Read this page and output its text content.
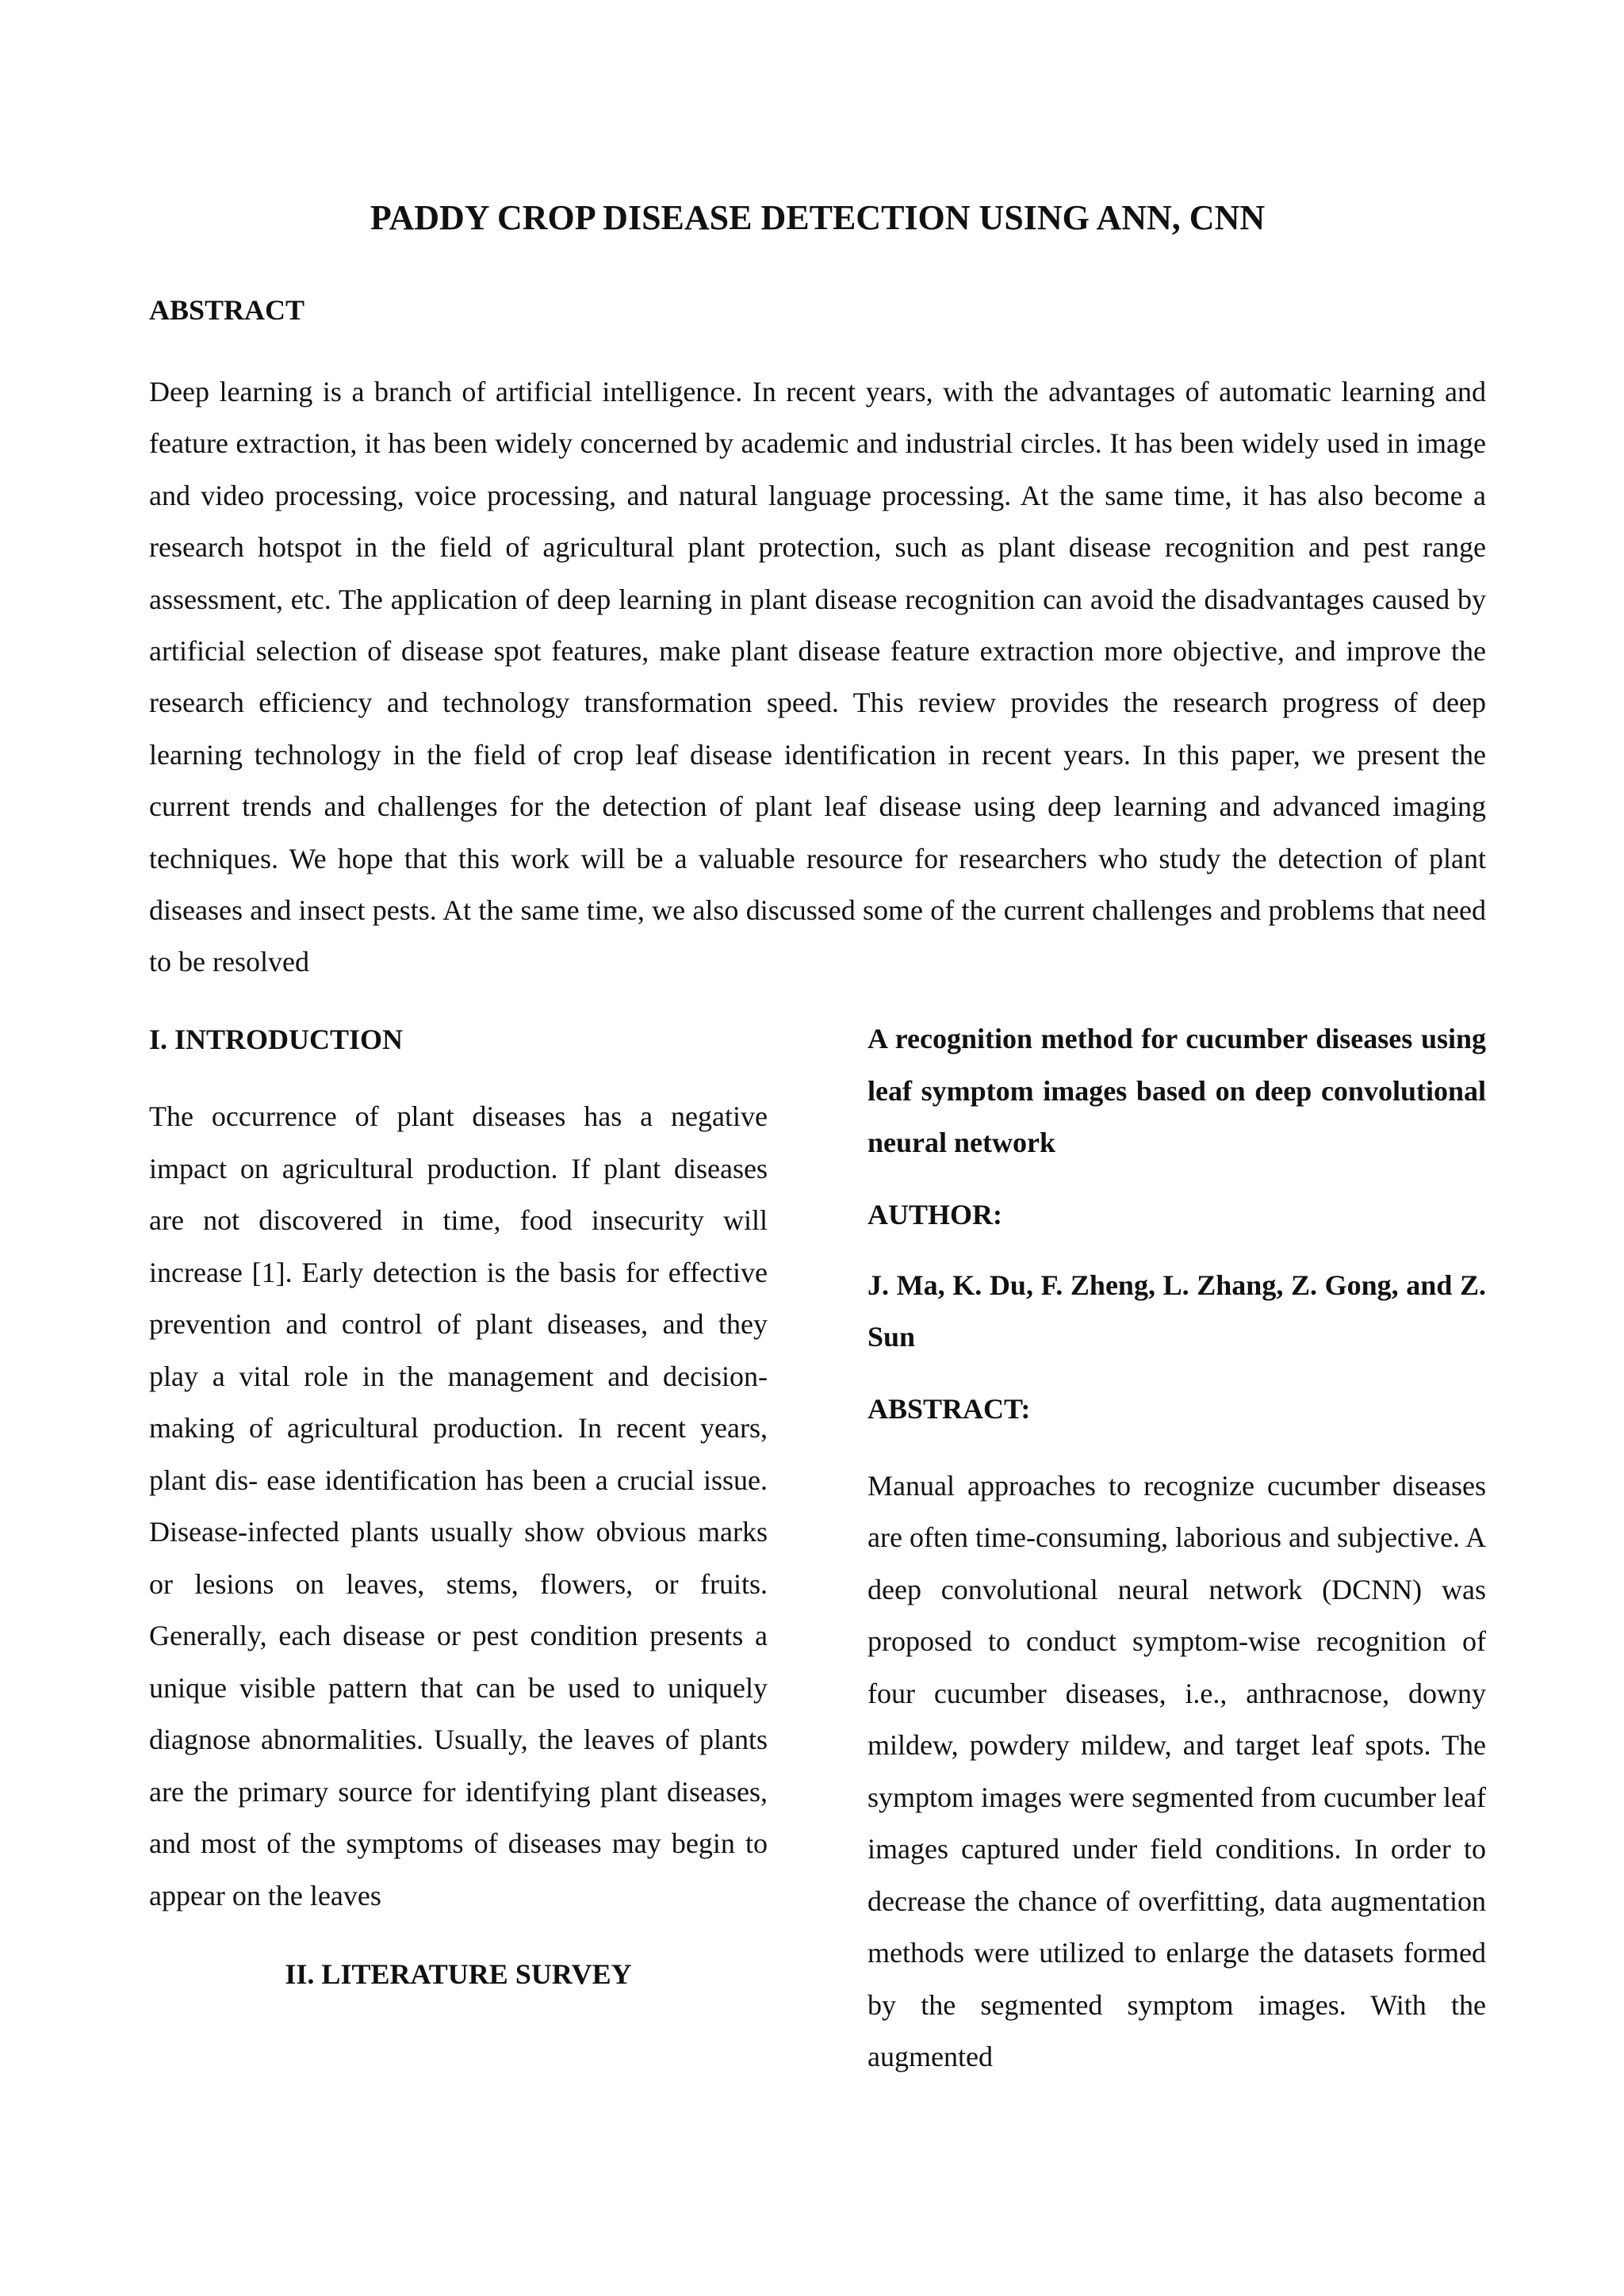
PADDY CROP DISEASE DETECTION USING ANN, CNN
ABSTRACT

Deep learning is a branch of artificial intelligence. In recent years, with the advantages of automatic learning and feature extraction, it has been widely concerned by academic and industrial circles. It has been widely used in image and video processing, voice processing, and natural language processing. At the same time, it has also become a research hotspot in the field of agricultural plant protection, such as plant disease recognition and pest range assessment, etc. The application of deep learning in plant disease recognition can avoid the disadvantages caused by artificial selection of disease spot features, make plant disease feature extraction more objective, and improve the research efficiency and technology transformation speed. This review provides the research progress of deep learning technology in the field of crop leaf disease identification in recent years. In this paper, we present the current trends and challenges for the detection of plant leaf disease using deep learning and advanced imaging techniques. We hope that this work will be a valuable resource for researchers who study the detection of plant diseases and insect pests. At the same time, we also discussed some of the current challenges and problems that need to be resolved

I. INTRODUCTION

The occurrence of plant diseases has a negative impact on agricultural production. If plant diseases are not discovered in time, food insecurity will increase [1]. Early detection is the basis for effective prevention and control of plant diseases, and they play a vital role in the management and decision- making of agricultural production. In recent years, plant dis- ease identification has been a crucial issue. Disease-infected plants usually show obvious marks or lesions on leaves, stems, flowers, or fruits. Generally, each disease or pest condition presents a unique visible pattern that can be used to uniquely diagnose abnormalities. Usually, the leaves of plants are the primary source for identifying plant diseases, and most of the symptoms of diseases may begin to appear on the leaves

II. LITERATURE SURVEY

A recognition method for cucumber diseases using leaf symptom images based on deep convolutional neural network

AUTHOR:

J. Ma, K. Du, F. Zheng, L. Zhang, Z. Gong, and Z. Sun

ABSTRACT:

Manual approaches to recognize cucumber diseases are often time-consuming, laborious and subjective. A deep convolutional neural network (DCNN) was proposed to conduct symptom-wise recognition of four cucumber diseases, i.e., anthracnose, downy mildew, powdery mildew, and target leaf spots. The symptom images were segmented from cucumber leaf images captured under field conditions. In order to decrease the chance of overfitting, data augmentation methods were utilized to enlarge the datasets formed by the segmented symptom images. With the augmented
